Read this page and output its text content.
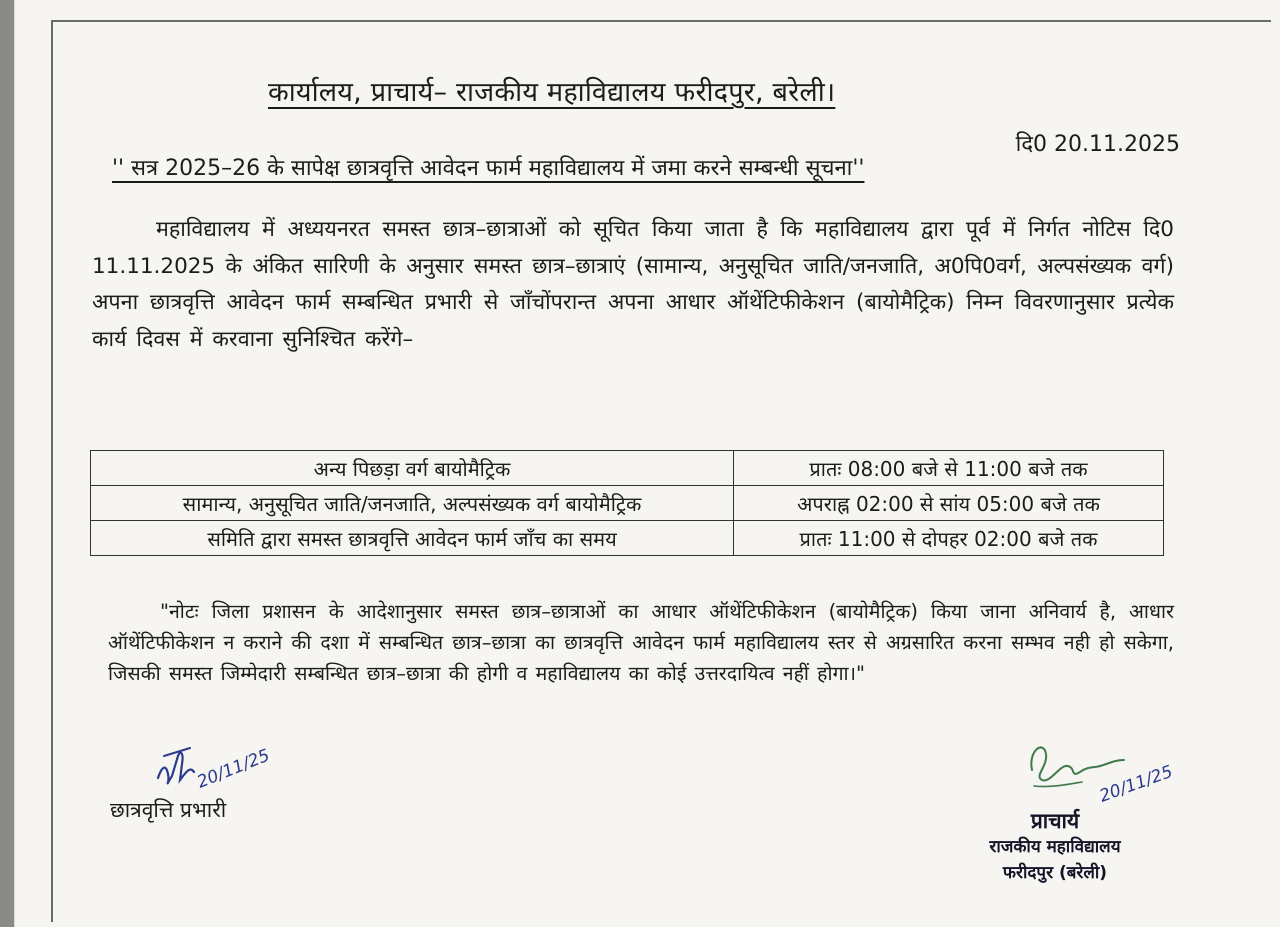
कार्यालय, प्राचार्य– राजकीय महाविद्यालय फरीदपुर, बरेली।
दि0 20.11.2025
'' सत्र 2025–26 के सापेक्ष छात्रवृत्ति आवेदन फार्म महाविद्यालय में जमा करने सम्बन्धी सूचना''
महाविद्यालय में अध्ययनरत समस्त छात्र–छात्राओं को सूचित किया जाता है कि महाविद्यालय द्वारा पूर्व में निर्गत नोटिस दि0 11.11.2025 के अंकित सारिणी के अनुसार समस्त छात्र–छात्राएं (सामान्य, अनुसूचित जाति/जनजाति, अ0पि0वर्ग, अल्पसंख्यक वर्ग) अपना छात्रवृत्ति आवेदन फार्म सम्बन्धित प्रभारी से जाँचोंपरान्त अपना आधार ऑथेंटिफीकेशन (बायोमैट्रिक) निम्न विवरणानुसार प्रत्येक कार्य दिवस में करवाना सुनिश्चित करेंगे–
अन्य पिछड़ा वर्ग बायोमैट्रिक	प्रातः 08:00 बजे से 11:00 बजे तक
सामान्य, अनुसूचित जाति/जनजाति, अल्पसंख्यक वर्ग बायोमैट्रिक	अपराह्न 02:00 से सांय 05:00 बजे तक
समिति द्वारा समस्त छात्रवृत्ति आवेदन फार्म जाँच का समय	प्रातः 11:00 से दोपहर 02:00 बजे तक
"नोटः जिला प्रशासन के आदेशानुसार समस्त छात्र–छात्राओं का आधार ऑथेंटिफीकेशन (बायोमैट्रिक) किया जाना अनिवार्य है, आधार ऑथेंटिफीकेशन न कराने की दशा में सम्बन्धित छात्र–छात्रा का छात्रवृत्ति आवेदन फार्म महाविद्यालय स्तर से अग्रसारित करना सम्भव नही हो सकेगा, जिसकी समस्त जिम्मेदारी सम्बन्धित छात्र–छात्रा की होगी व महाविद्यालय का कोई उत्तरदायित्व नहीं होगा।"
20/11/25
छात्रवृत्ति प्रभारी
20/11/25
प्राचार्य
राजकीय महाविद्यालय
फरीदपुर (बरेली)
